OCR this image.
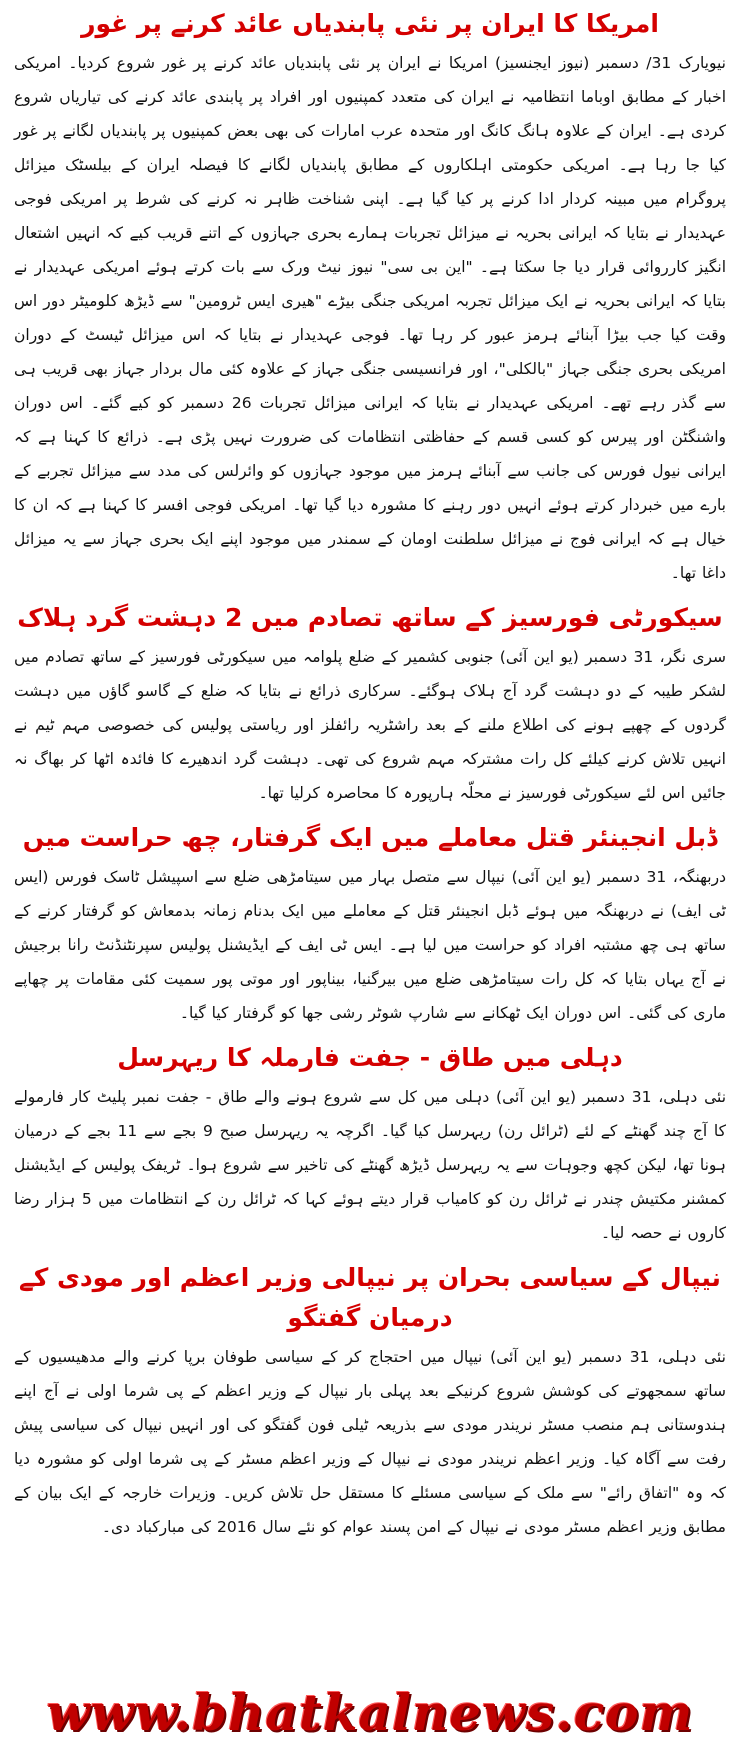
امریکا کا ایران پر نئی پابندیاں عائد کرنے پر غور

نیویارک 31/ دسمبر (نیوز ایجنسیز) امریکا نے ایران پر نئی پابندیاں عائد کرنے پر غور شروع کردیا۔ امریکی اخبار کے مطابق اوباما انتظامیہ نے ایران کی متعدد کمپنیوں اور افراد پر پابندی عائد کرنے کی تیاریاں شروع کردی ہے۔ ایران کے علاوہ ہانگ کانگ اور متحدہ عرب امارات کی بھی بعض کمپنیوں پر پابندیاں لگانے پر غور کیا جا رہا ہے۔ امریکی حکومتی اہلکاروں کے مطابق پابندیاں لگانے کا فیصلہ ایران کے بیلسٹک میزائل پروگرام میں مبینہ کردار ادا کرنے پر کیا گیا ہے۔ اپنی شناخت ظاہر نہ کرنے کی شرط پر امریکی فوجی عہدیدار نے بتایا کہ ایرانی بحریہ نے میزائل تجربات ہمارے بحری جہازوں کے اتنے قریب کیے کہ انہیں اشتعال انگیز کارروائی قرار دیا جا سکتا ہے۔ "این بی سی" نیوز نیٹ ورک سے بات کرتے ہوئے امریکی عہدیدار نے بتایا کہ ایرانی بحریہ نے ایک میزائل تجربہ امریکی جنگی بیڑے "ھیری ایس ٹرومین" سے ڈیڑھ کلومیٹر دور اس وقت کیا جب بیڑا آبنائے ہرمز عبور کر رہا تھا۔ فوجی عہدیدار نے بتایا کہ اس میزائل ٹیسٹ کے دوران امریکی بحری جنگی جہاز "بالکلی"، اور فرانسیسی جنگی جہاز کے علاوہ کئی مال بردار جہاز بھی قریب ہی سے گذر رہے تھے۔ امریکی عہدیدار نے بتایا کہ ایرانی میزائل تجربات 26 دسمبر کو کیے گئے۔ اس دوران واشنگٹن اور پیرس کو کسی قسم کے حفاظتی انتظامات کی ضرورت نہیں پڑی ہے۔ ذرائع کا کہنا ہے کہ ایرانی نیول فورس کی جانب سے آبنائے ہرمز میں موجود جہازوں کو وائرلس کی مدد سے میزائل تجربے کے بارے میں خبردار کرتے ہوئے انہیں دور رہنے کا مشورہ دیا گیا تھا۔ امریکی فوجی افسر کا کہنا ہے کہ ان کا خیال ہے کہ ایرانی فوج نے میزائل سلطنت اومان کے سمندر میں موجود اپنے ایک بحری جہاز سے یہ میزائل داغا تھا۔

سیکورٹی فورسیز کے ساتھ تصادم میں 2 دہشت گرد ہلاک

سری نگر، 31 دسمبر (یو این آئی) جنوبی کشمیر کے ضلع پلوامہ میں سیکورٹی فورسیز کے ساتھ تصادم میں لشکر طیبہ کے دو دہشت گرد آج ہلاک ہوگئے۔ سرکاری ذرائع نے بتایا کہ ضلع کے گاسو گاؤں میں دہشت گردوں کے چھپے ہونے کی اطلاع ملنے کے بعد راشٹریہ رائفلز اور ریاستی پولیس کی خصوصی مہم ٹیم نے انہیں تلاش کرنے کیلئے کل رات مشترکہ مہم شروع کی تھی۔ دہشت گرد اندھیرے کا فائدہ اٹھا کر بھاگ نہ جائیں اس لئے سیکورٹی فورسیز نے محلّہ ہارپورہ کا محاصرہ کرلیا تھا۔

ڈبل انجینئر قتل معاملے میں ایک گرفتار، چھ حراست میں

دربھنگہ، 31 دسمبر (یو این آئی) نیپال سے متصل بہار میں سیتامڑھی ضلع سے اسپیشل ٹاسک فورس (ایس ٹی ایف) نے دربھنگہ میں ہوئے ڈبل انجینئر قتل کے معاملے میں ایک بدنام زمانہ بدمعاش کو گرفتار کرنے کے ساتھ ہی چھ مشتبہ افراد کو حراست میں لیا ہے۔ ایس ٹی ایف کے ایڈیشنل پولیس سپرنٹنڈنٹ رانا برجیش نے آج یہاں بتایا کہ کل رات سیتامڑھی ضلع میں بیرگنیا، بیناپور اور موتی پور سمیت کئی مقامات پر چھاپے ماری کی گئی۔ اس دوران ایک ٹھکانے سے شارپ شوٹر رشی جھا کو گرفتار کیا گیا۔

دہلی میں طاق - جفت فارملہ کا ریہرسل

نئی دہلی، 31 دسمبر (یو این آئی) دہلی میں کل سے شروع ہونے والے طاق - جفت نمبر پلیٹ کار فارمولے کا آج چند گھنٹے کے لئے (ٹرائل رن) ریہرسل کیا گیا۔ اگرچہ یہ ریہرسل صبح 9 بجے سے 11 بجے کے درمیان ہونا تھا، لیکن کچھ وجوہات سے یہ ریہرسل ڈیڑھ گھنٹے کی تاخیر سے شروع ہوا۔ ٹریفک پولیس کے ایڈیشنل کمشنر مکتیش چندر نے ٹرائل رن کو کامیاب قرار دیتے ہوئے کہا کہ ٹرائل رن کے انتظامات میں 5 ہزار رضا کاروں نے حصہ لیا۔

نیپال کے سیاسی بحران پر نیپالی وزیر اعظم اور مودی کے درمیان گفتگو

نئی دہلی، 31 دسمبر (یو این آئی) نیپال میں احتجاج کر کے سیاسی طوفان برپا کرنے والے مدھیسیوں کے ساتھ سمجھوتے کی کوشش شروع کرنیکے بعد پہلی بار نیپال کے وزیر اعظم کے پی شرما اولی نے آج اپنے ہندوستانی ہم منصب مسٹر نریندر مودی سے بذریعہ ٹیلی فون گفتگو کی اور انہیں نیپال کی سیاسی پیش رفت سے آگاہ کیا۔ وزیر اعظم نریندر مودی نے نیپال کے وزیر اعظم مسٹر کے پی شرما اولی کو مشورہ دیا کہ وہ "اتفاق رائے" سے ملک کے سیاسی مسئلے کا مستقل حل تلاش کریں۔ وزیرات خارجہ کے ایک بیان کے مطابق وزیر اعظم مسٹر مودی نے نیپال کے امن پسند عوام کو نئے سال 2016 کی مبارکباد دی۔

www.bhatkalnews.com
